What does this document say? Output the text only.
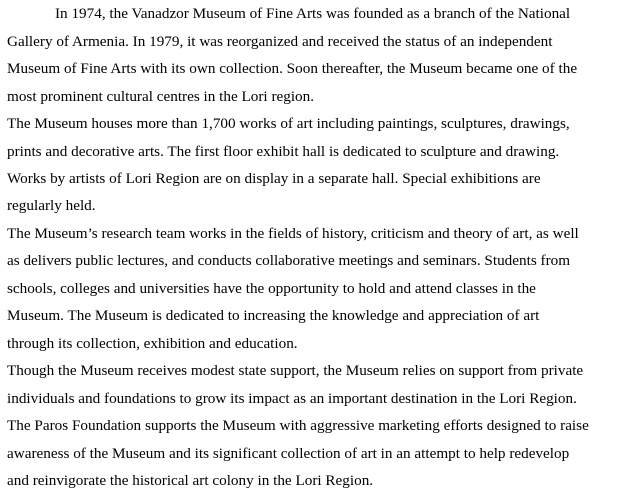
In 1974, the Vanadzor Museum of Fine Arts was founded as a branch of the National
Gallery of Armenia. In 1979, it was reorganized and received the status of an independent
Museum of Fine Arts with its own collection. Soon thereafter, the Museum became one of the
most prominent cultural centres in the Lori region.
The Museum houses more than 1,700 works of art including paintings, sculptures, drawings,
prints and decorative arts. The first floor exhibit hall is dedicated to sculpture and drawing.
Works by artists of Lori Region are on display in a separate hall. Special exhibitions are
regularly held.
The Museum’s research team works in the fields of history, criticism and theory of art, as well
as delivers public lectures, and conducts collaborative meetings and seminars. Students from
schools, colleges and universities have the opportunity to hold and attend classes in the
Museum. The Museum is dedicated to increasing the knowledge and appreciation of art
through its collection, exhibition and education.
Though the Museum receives modest state support, the Museum relies on support from private
individuals and foundations to grow its impact as an important destination in the Lori Region.
The Paros Foundation supports the Museum with aggressive marketing efforts designed to raise
awareness of the Museum and its significant collection of art in an attempt to help redevelop
and reinvigorate the historical art colony in the Lori Region.
